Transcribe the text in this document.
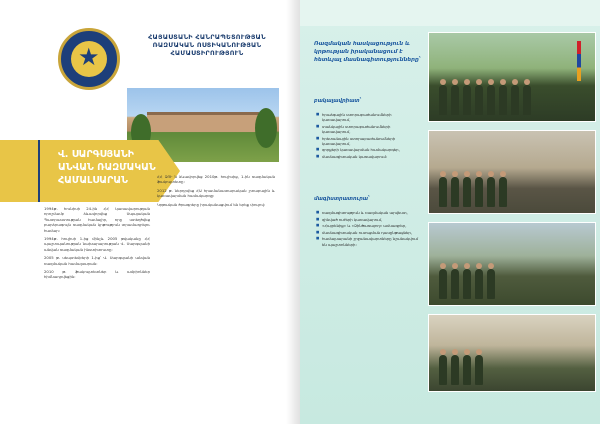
★
ՀԱՅԱՍՏԱՆԻ ՀԱՆՐԱՊԵՏՈՒԹՅԱՆ ՌԱԶՄԱԿԱՆ ՈՍՏԻԿԱՆՈՒԹՅԱՆ ՀԱՄԱՍՏԻՐՈՒԹՅՈՒՆ
Վ. ՍԱՐԳՍՅԱՆԻ ԱՆՎԱՆ ՌԱԶՄԱԿԱՆ ՀԱՄԱԼՍԱՐԱՆ

1994թ. հունիսի 24-ին ՀՀ կառավարության որոշմամբ ձևավորվեց Սպայական Պատրաստության համալիր, որը ստեղծվեց բարձրագույն ռազմական կրթություն տրամադրելու համար:

1994թ. հուլիսի 1-ից մինչև 2005 թվականը ՀՀ պաշտպանության նախարարության Վ. Սարգսյանի անվան ռազմական ինստիտուտը:

2005 թ. սեպտեմբերի 1-ից՝ Վ. Սարգսյանի անվան ռազմական համալսարան:

2010 թ. ֆակուլտետներ և ամբիոններ հիմնադրվեցին:

ՀՀ ԶՈՒ ն ձևավորվեց 2010թ. հուլիսից, 1-ին ռազմական ֆակուլտետը:

2012 թ. ներդրվեց ՀԱ հրամանատարական շտաբային և կառավարման համակարգը:

Կրթական ծրագրերը իրականացվում են երեք փուլով:

Ռազմական հասկացություն և կրթության իրականացում է հետևյալ մասնագիտությունները՝
բակալավրիատ՝
■ հրաձգային ստորաբաժանումների կառավարում,
■ տանկային ստորաբաժանումների կառավարում,
■ հրետանային ստորաբաժանումների կառավարում,
■ զորքերի կառավարման համակարգեր,
■ մասնագիտական կառավարում:
մագիստրատուրա՝
■ ռազմագիտություն և ռազմական արվեստ,
■ զինված ուժերի կառավարում,
■ «Հայրենիք» և «Զինծառայող» ամսագրեր,
■ մասնագիտական ուսուցման դասընթացներ,
■ համալսարանի շրջանավարտները նշանակվում են պաշտոնների:
